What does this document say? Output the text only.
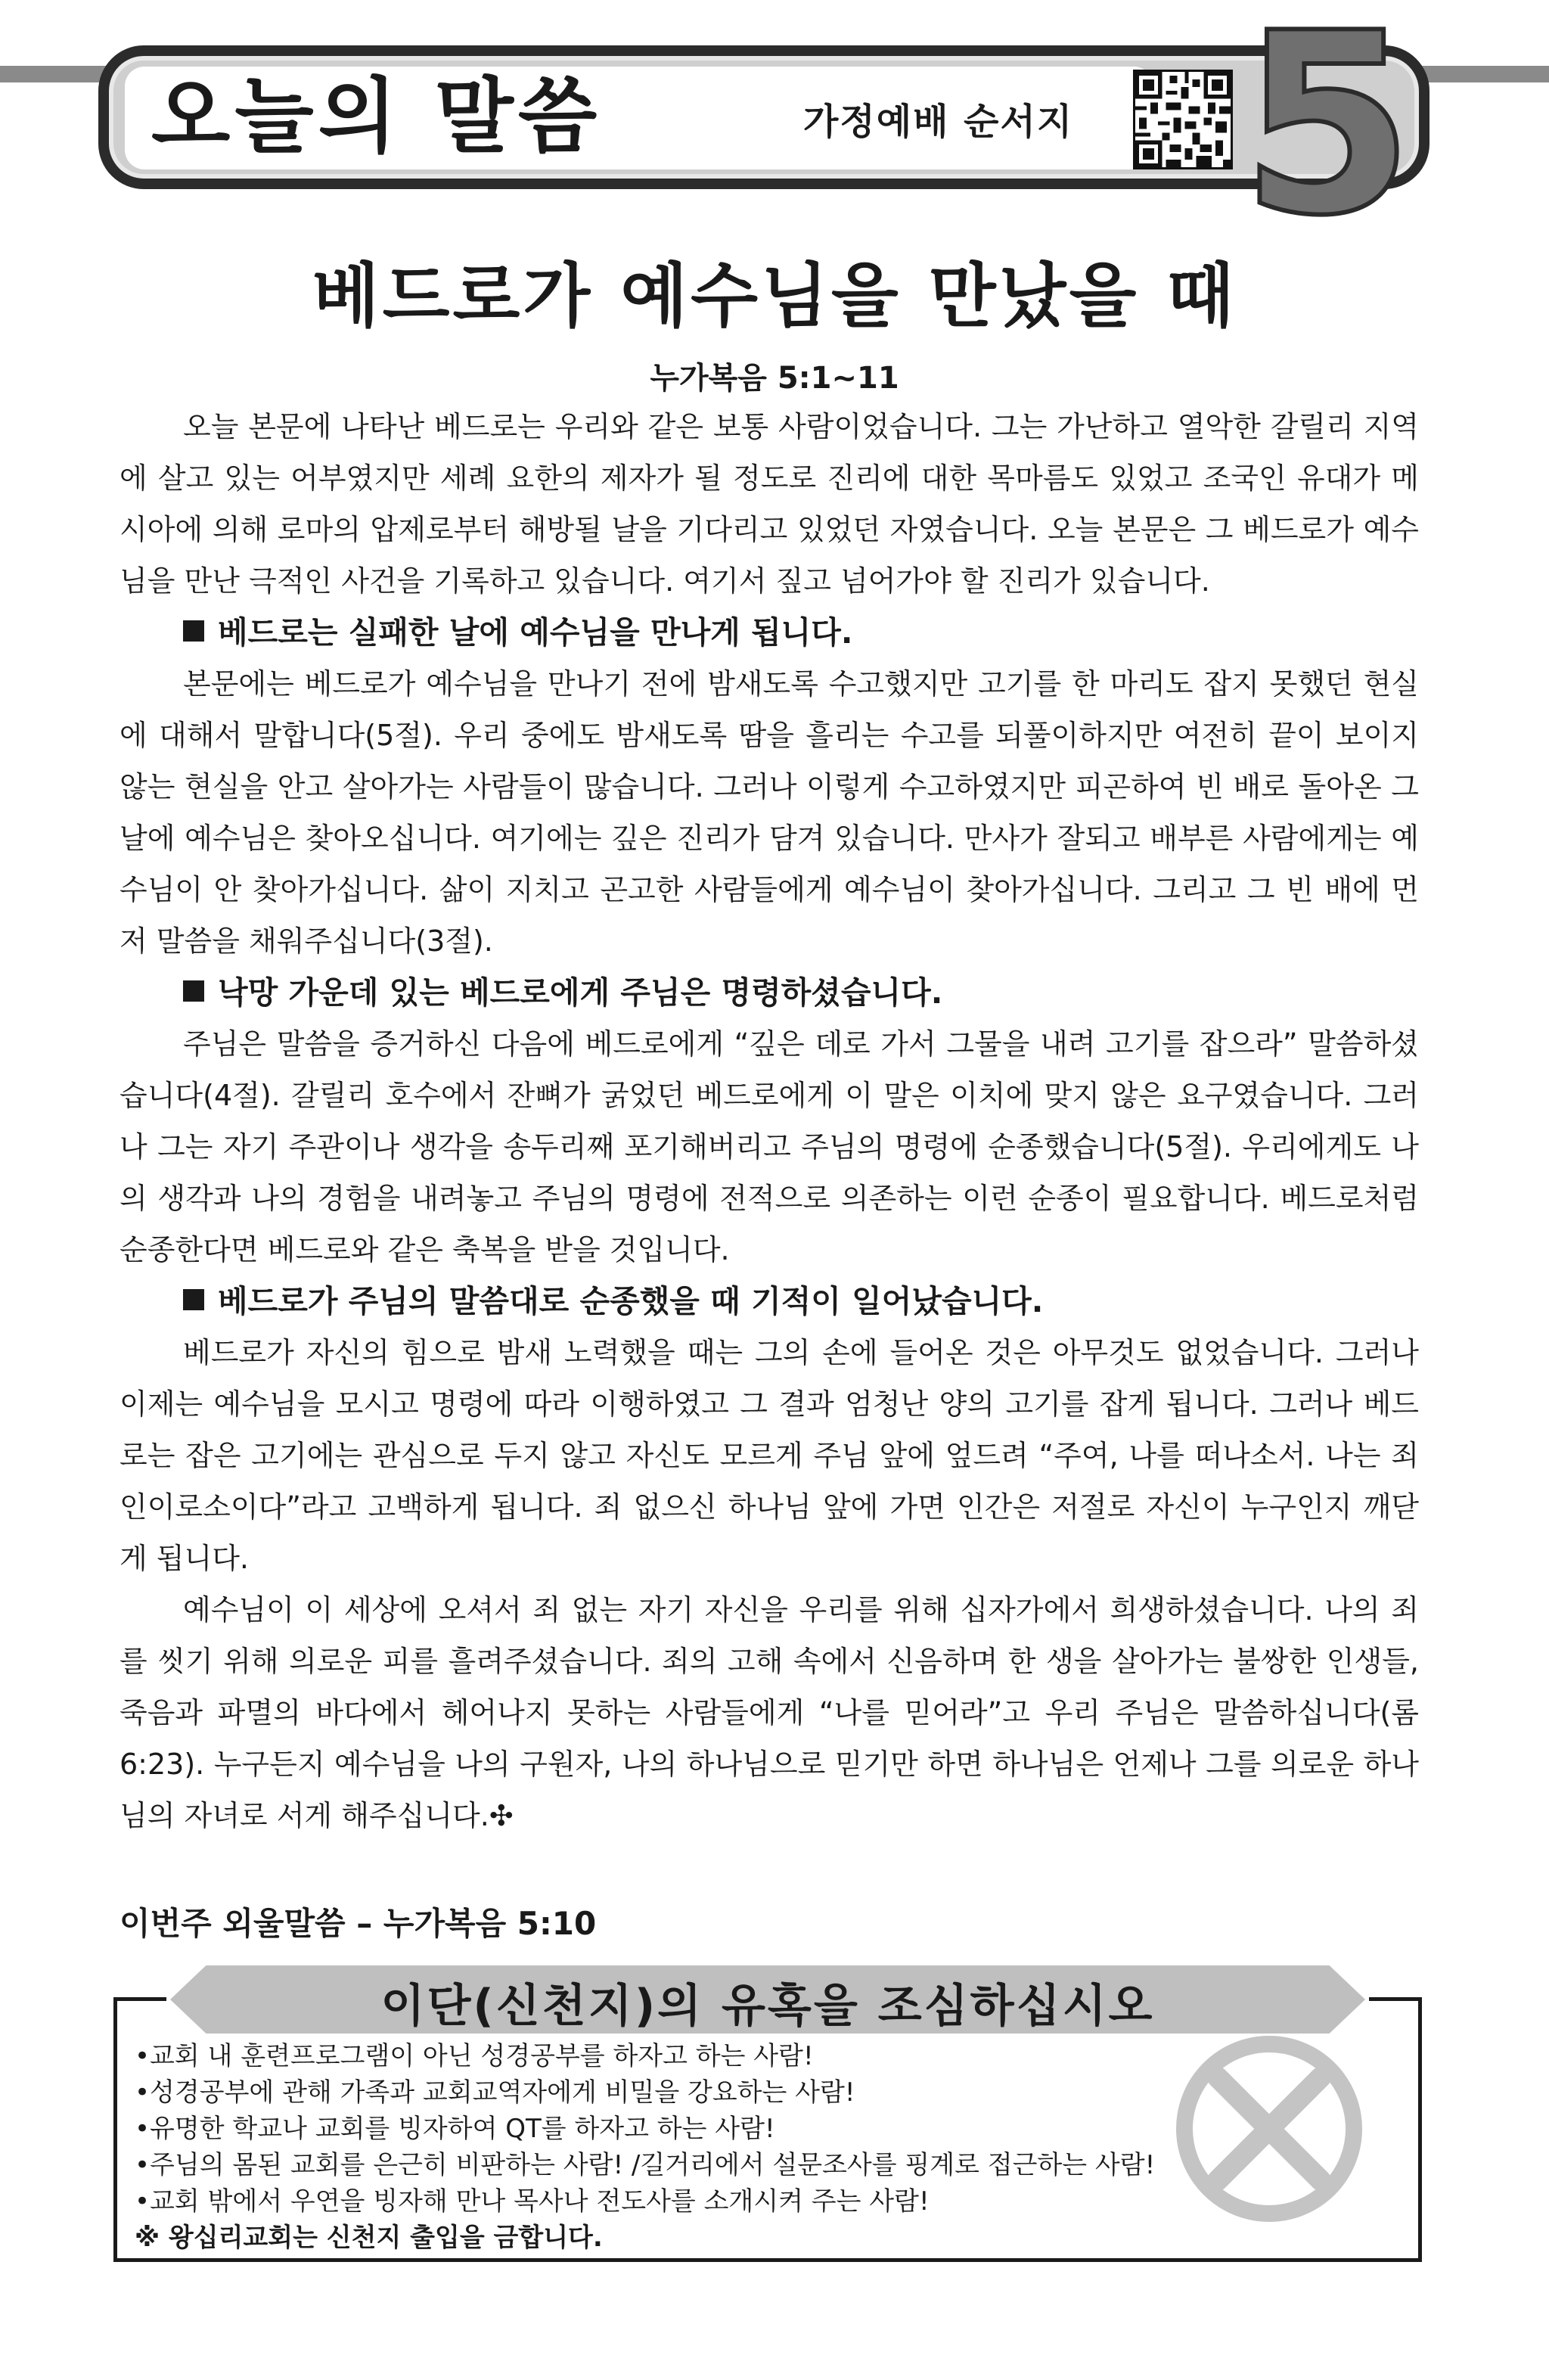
오늘의 말씀	가정예배 순서지 5
베드로가 예수님을 만났을 때
누가복음 5:1~11

오늘 본문에 나타난 베드로는 우리와 같은 보통 사람이었습니다. 그는 가난하고 열악한 갈릴리 지역에 살고 있는 어부였지만 세례 요한의 제자가 될 정도로 진리에 대한 목마름도 있었고 조국인 유대가 메시아에 의해 로마의 압제로부터 해방될 날을 기다리고 있었던 자였습니다. 오늘 본문은 그 베드로가 예수님을 만난 극적인 사건을 기록하고 있습니다. 여기서 짚고 넘어가야 할 진리가 있습니다.

베드로는 실패한 날에 예수님을 만나게 됩니다.

본문에는 베드로가 예수님을 만나기 전에 밤새도록 수고했지만 고기를 한 마리도 잡지 못했던 현실에 대해서 말합니다(5절). 우리 중에도 밤새도록 땀을 흘리는 수고를 되풀이하지만 여전히 끝이 보이지 않는 현실을 안고 살아가는 사람들이 많습니다. 그러나 이렇게 수고하였지만 피곤하여 빈 배로 돌아온 그 날에 예수님은 찾아오십니다. 여기에는 깊은 진리가 담겨 있습니다. 만사가 잘되고 배부른 사람에게는 예수님이 안 찾아가십니다. 삶이 지치고 곤고한 사람들에게 예수님이 찾아가십니다. 그리고 그 빈 배에 먼저 말씀을 채워주십니다(3절).

낙망 가운데 있는 베드로에게 주님은 명령하셨습니다.

주님은 말씀을 증거하신 다음에 베드로에게 “깊은 데로 가서 그물을 내려 고기를 잡으라” 말씀하셨습니다(4절). 갈릴리 호수에서 잔뼈가 굵었던 베드로에게 이 말은 이치에 맞지 않은 요구였습니다. 그러나 그는 자기 주관이나 생각을 송두리째 포기해버리고 주님의 명령에 순종했습니다(5절). 우리에게도 나의 생각과 나의 경험을 내려놓고 주님의 명령에 전적으로 의존하는 이런 순종이 필요합니다. 베드로처럼 순종한다면 베드로와 같은 축복을 받을 것입니다.

베드로가 주님의 말씀대로 순종했을 때 기적이 일어났습니다.

베드로가 자신의 힘으로 밤새 노력했을 때는 그의 손에 들어온 것은 아무것도 없었습니다. 그러나 이제는 예수님을 모시고 명령에 따라 이행하였고 그 결과 엄청난 양의 고기를 잡게 됩니다. 그러나 베드로는 잡은 고기에는 관심으로 두지 않고 자신도 모르게 주님 앞에 엎드려 “주여, 나를 떠나소서. 나는 죄인이로소이다”라고 고백하게 됩니다. 죄 없으신 하나님 앞에 가면 인간은 저절로 자신이 누구인지 깨닫게 됩니다.

예수님이 이 세상에 오셔서 죄 없는 자기 자신을 우리를 위해 십자가에서 희생하셨습니다. 나의 죄를 씻기 위해 의로운 피를 흘려주셨습니다. 죄의 고해 속에서 신음하며 한 생을 살아가는 불쌍한 인생들, 죽음과 파멸의 바다에서 헤어나지 못하는 사람들에게 “나를 믿어라”고 우리 주님은 말씀하십니다(롬6:23). 누구든지 예수님을 나의 구원자, 나의 하나님으로 믿기만 하면 하나님은 언제나 그를 의로운 하나님의 자녀로 서게 해주십니다.✣

이번주 외울말씀 – 누가복음 5:10
이단(신천지)의 유혹을 조심하십시오
•교회 내 훈련프로그램이 아닌 성경공부를 하자고 하는 사람!
•성경공부에 관해 가족과 교회교역자에게 비밀을 강요하는 사람!
•유명한 학교나 교회를 빙자하여 QT를 하자고 하는 사람!
•주님의 몸된 교회를 은근히 비판하는 사람! /길거리에서 설문조사를 핑계로 접근하는 사람!
•교회 밖에서 우연을 빙자해 만나 목사나 전도사를 소개시켜 주는 사람!
※ 왕십리교회는 신천지 출입을 금합니다.
